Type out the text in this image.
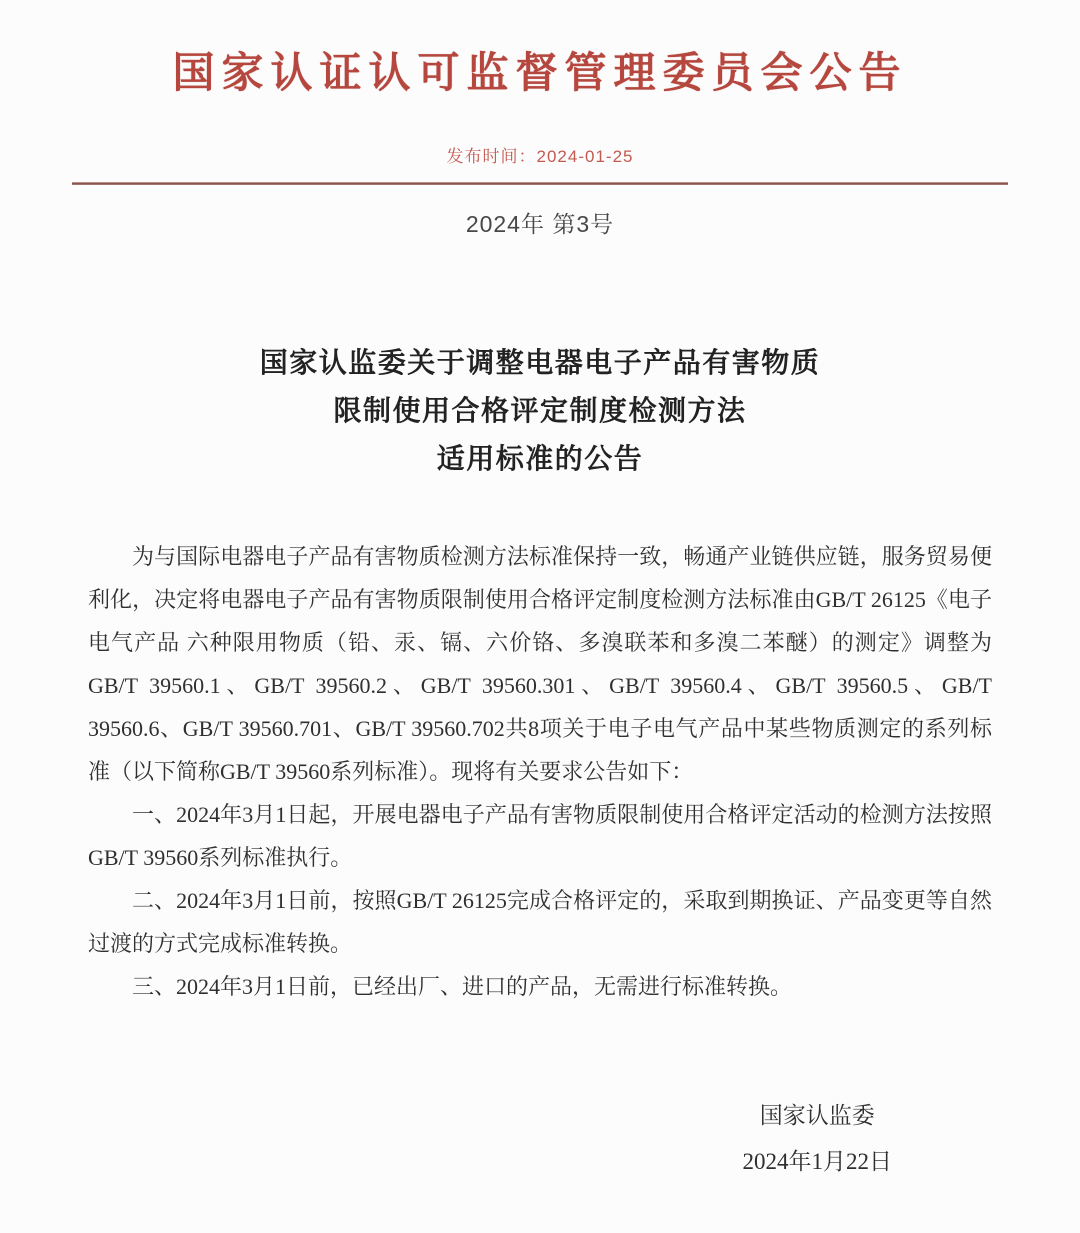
国家认证认可监督管理委员会公告
发布时间：2024-01-25
2024年 第3号
国家认监委关于调整电器电子产品有害物质
限制使用合格评定制度检测方法
适用标准的公告

为与国际电器电子产品有害物质检测方法标准保持一致，畅通产业链供应链，服务贸易便利化，决定将电器电子产品有害物质限制使用合格评定制度检测方法标准由GB/T 26125《电子电气产品 六种限用物质（铅、汞、镉、六价铬、多溴联苯和多溴二苯醚）的测定》调整为GB/T 39560.1、GB/T 39560.2、GB/T 39560.301、GB/T 39560.4、GB/T 39560.5、GB/T 39560.6、GB/T 39560.701、GB/T 39560.702共8项关于电子电气产品中某些物质测定的系列标准（以下简称GB/T 39560系列标准）。现将有关要求公告如下：

一、2024年3月1日起，开展电器电子产品有害物质限制使用合格评定活动的检测方法按照GB/T 39560系列标准执行。

二、2024年3月1日前，按照GB/T 26125完成合格评定的，采取到期换证、产品变更等自然过渡的方式完成标准转换。

三、2024年3月1日前，已经出厂、进口的产品，无需进行标准转换。

国家认监委
2024年1月22日
